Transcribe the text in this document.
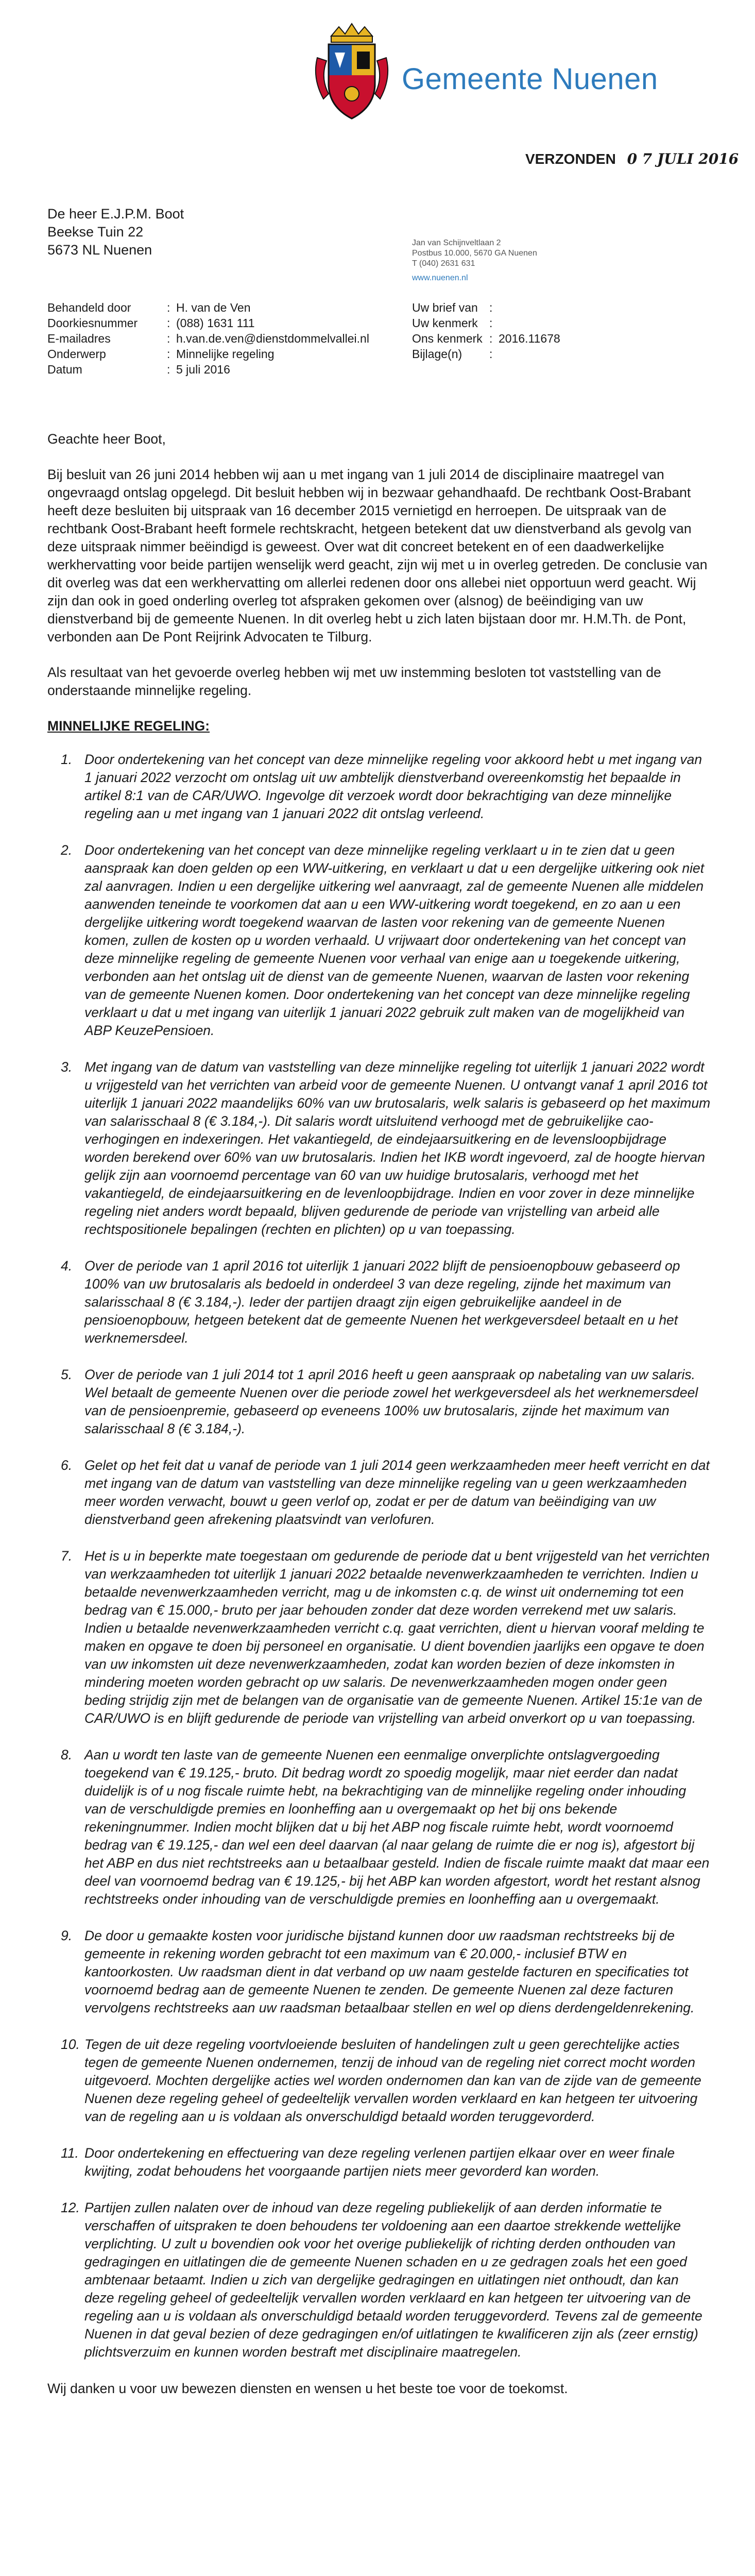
Gemeente Nuenen
VERZONDEN 0 7 JULI 2016
De heer E.J.P.M. Boot
Beekse Tuin 22
5673 NL Nuenen	Jan van Schijnveltlaan 2
Postbus 10.000, 5670 GA Nuenen
T (040) 2631 631
www.nuenen.nl
Behandeld door	:	H. van de Ven
Doorkiesnummer	:	(088) 1631 111
E-mailadres	:	h.van.de.ven@dienstdommelvallei.nl
Onderwerp	:	Minnelijke regeling
Datum	:	5 juli 2016
Uw brief van	:	
Uw kenmerk	:	
Ons kenmerk	:	2016.11678
Bijlage(n)	:	

Geachte heer Boot,

Bij besluit van 26 juni 2014 hebben wij aan u met ingang van 1 juli 2014 de disciplinaire maatregel van ongevraagd ontslag opgelegd. Dit besluit hebben wij in bezwaar gehandhaafd. De rechtbank Oost-Brabant heeft deze besluiten bij uitspraak van 16 december 2015 vernietigd en herroepen. De uitspraak van de rechtbank Oost-Brabant heeft formele rechtskracht, hetgeen betekent dat uw dienstverband als gevolg van deze uitspraak nimmer beëindigd is geweest. Over wat dit concreet betekent en of een daadwerkelijke werkhervatting voor beide partijen wenselijk werd geacht, zijn wij met u in overleg getreden. De conclusie van dit overleg was dat een werkhervatting om allerlei redenen door ons allebei niet opportuun werd geacht. Wij zijn dan ook in goed onderling overleg tot afspraken gekomen over (alsnog) de beëindiging van uw dienstverband bij de gemeente Nuenen. In dit overleg hebt u zich laten bijstaan door mr. H.M.Th. de Pont, verbonden aan De Pont Reijrink Advocaten te Tilburg.

Als resultaat van het gevoerde overleg hebben wij met uw instemming besloten tot vaststelling van de onderstaande minnelijke regeling.

MINNELIJKE REGELING:
1. Door ondertekening van het concept van deze minnelijke regeling voor akkoord hebt u met ingang van 1 januari 2022 verzocht om ontslag uit uw ambtelijk dienstverband overeenkomstig het bepaalde in artikel 8:1 van de CAR/UWO. Ingevolge dit verzoek wordt door bekrachtiging van deze minnelijke regeling aan u met ingang van 1 januari 2022 dit ontslag verleend.
2. Door ondertekening van het concept van deze minnelijke regeling verklaart u in te zien dat u geen aanspraak kan doen gelden op een WW-uitkering, en verklaart u dat u een dergelijke uitkering ook niet zal aanvragen. Indien u een dergelijke uitkering wel aanvraagt, zal de gemeente Nuenen alle middelen aanwenden teneinde te voorkomen dat aan u een WW-uitkering wordt toegekend, en zo aan u een dergelijke uitkering wordt toegekend waarvan de lasten voor rekening van de gemeente Nuenen komen, zullen de kosten op u worden verhaald. U vrijwaart door ondertekening van het concept van deze minnelijke regeling de gemeente Nuenen voor verhaal van enige aan u toegekende uitkering, verbonden aan het ontslag uit de dienst van de gemeente Nuenen, waarvan de lasten voor rekening van de gemeente Nuenen komen. Door ondertekening van het concept van deze minnelijke regeling verklaart u dat u met ingang van uiterlijk 1 januari 2022 gebruik zult maken van de mogelijkheid van ABP KeuzePensioen.
3. Met ingang van de datum van vaststelling van deze minnelijke regeling tot uiterlijk 1 januari 2022 wordt u vrijgesteld van het verrichten van arbeid voor de gemeente Nuenen. U ontvangt vanaf 1 april 2016 tot uiterlijk 1 januari 2022 maandelijks 60% van uw brutosalaris, welk salaris is gebaseerd op het maximum van salarisschaal 8 (€ 3.184,-). Dit salaris wordt uitsluitend verhoogd met de gebruikelijke cao-verhogingen en indexeringen. Het vakantiegeld, de eindejaarsuitkering en de levensloopbijdrage worden berekend over 60% van uw brutosalaris. Indien het IKB wordt ingevoerd, zal de hoogte hiervan gelijk zijn aan voornoemd percentage van 60 van uw huidige brutosalaris, verhoogd met het vakantiegeld, de eindejaarsuitkering en de levenloopbijdrage. Indien en voor zover in deze minnelijke regeling niet anders wordt bepaald, blijven gedurende de periode van vrijstelling van arbeid alle rechtspositionele bepalingen (rechten en plichten) op u van toepassing.
4. Over de periode van 1 april 2016 tot uiterlijk 1 januari 2022 blijft de pensioenopbouw gebaseerd op 100% van uw brutosalaris als bedoeld in onderdeel 3 van deze regeling, zijnde het maximum van salarisschaal 8 (€ 3.184,-). Ieder der partijen draagt zijn eigen gebruikelijke aandeel in de pensioenopbouw, hetgeen betekent dat de gemeente Nuenen het werkgeversdeel betaalt en u het werknemersdeel.
5. Over de periode van 1 juli 2014 tot 1 april 2016 heeft u geen aanspraak op nabetaling van uw salaris. Wel betaalt de gemeente Nuenen over die periode zowel het werkgeversdeel als het werknemersdeel van de pensioenpremie, gebaseerd op eveneens 100% uw brutosalaris, zijnde het maximum van salarisschaal 8 (€ 3.184,-).
6. Gelet op het feit dat u vanaf de periode van 1 juli 2014 geen werkzaamheden meer heeft verricht en dat met ingang van de datum van vaststelling van deze minnelijke regeling van u geen werkzaamheden meer worden verwacht, bouwt u geen verlof op, zodat er per de datum van beëindiging van uw dienstverband geen afrekening plaatsvindt van verlofuren.
7. Het is u in beperkte mate toegestaan om gedurende de periode dat u bent vrijgesteld van het verrichten van werkzaamheden tot uiterlijk 1 januari 2022 betaalde nevenwerkzaamheden te verrichten. Indien u betaalde nevenwerkzaamheden verricht, mag u de inkomsten c.q. de winst uit onderneming tot een bedrag van € 15.000,- bruto per jaar behouden zonder dat deze worden verrekend met uw salaris. Indien u betaalde nevenwerkzaamheden verricht c.q. gaat verrichten, dient u hiervan vooraf melding te maken en opgave te doen bij personeel en organisatie. U dient bovendien jaarlijks een opgave te doen van uw inkomsten uit deze nevenwerkzaamheden, zodat kan worden bezien of deze inkomsten in mindering moeten worden gebracht op uw salaris. De nevenwerkzaamheden mogen onder geen beding strijdig zijn met de belangen van de organisatie van de gemeente Nuenen. Artikel 15:1e van de CAR/UWO is en blijft gedurende de periode van vrijstelling van arbeid onverkort op u van toepassing.
8. Aan u wordt ten laste van de gemeente Nuenen een eenmalige onverplichte ontslagvergoeding toegekend van € 19.125,- bruto. Dit bedrag wordt zo spoedig mogelijk, maar niet eerder dan nadat duidelijk is of u nog fiscale ruimte hebt, na bekrachtiging van de minnelijke regeling onder inhouding van de verschuldigde premies en loonheffing aan u overgemaakt op het bij ons bekende rekeningnummer. Indien mocht blijken dat u bij het ABP nog fiscale ruimte hebt, wordt voornoemd bedrag van € 19.125,- dan wel een deel daarvan (al naar gelang de ruimte die er nog is), afgestort bij het ABP en dus niet rechtstreeks aan u betaalbaar gesteld. Indien de fiscale ruimte maakt dat maar een deel van voornoemd bedrag van € 19.125,- bij het ABP kan worden afgestort, wordt het restant alsnog rechtstreeks onder inhouding van de verschuldigde premies en loonheffing aan u overgemaakt.
9. De door u gemaakte kosten voor juridische bijstand kunnen door uw raadsman rechtstreeks bij de gemeente in rekening worden gebracht tot een maximum van € 20.000,- inclusief BTW en kantoorkosten. Uw raadsman dient in dat verband op uw naam gestelde facturen en specificaties tot voornoemd bedrag aan de gemeente Nuenen te zenden. De gemeente Nuenen zal deze facturen vervolgens rechtstreeks aan uw raadsman betaalbaar stellen en wel op diens derdengeldenrekening.
10. Tegen de uit deze regeling voortvloeiende besluiten of handelingen zult u geen gerechtelijke acties tegen de gemeente Nuenen ondernemen, tenzij de inhoud van de regeling niet correct mocht worden uitgevoerd. Mochten dergelijke acties wel worden ondernomen dan kan van de zijde van de gemeente Nuenen deze regeling geheel of gedeeltelijk vervallen worden verklaard en kan hetgeen ter uitvoering van de regeling aan u is voldaan als onverschuldigd betaald worden teruggevorderd.
11. Door ondertekening en effectuering van deze regeling verlenen partijen elkaar over en weer finale kwijting, zodat behoudens het voorgaande partijen niets meer gevorderd kan worden.
12. Partijen zullen nalaten over de inhoud van deze regeling publiekelijk of aan derden informatie te verschaffen of uitspraken te doen behoudens ter voldoening aan een daartoe strekkende wettelijke verplichting. U zult u bovendien ook voor het overige publiekelijk of richting derden onthouden van gedragingen en uitlatingen die de gemeente Nuenen schaden en u ze gedragen zoals het een goed ambtenaar betaamt. Indien u zich van dergelijke gedragingen en uitlatingen niet onthoudt, dan kan deze regeling geheel of gedeeltelijk vervallen worden verklaard en kan hetgeen ter uitvoering van de regeling aan u is voldaan als onverschuldigd betaald worden teruggevorderd. Tevens zal de gemeente Nuenen in dat geval bezien of deze gedragingen en/of uitlatingen te kwalificeren zijn als (zeer ernstig) plichtsverzuim en kunnen worden bestraft met disciplinaire maatregelen.

Wij danken u voor uw bewezen diensten en wensen u het beste toe voor de toekomst.
